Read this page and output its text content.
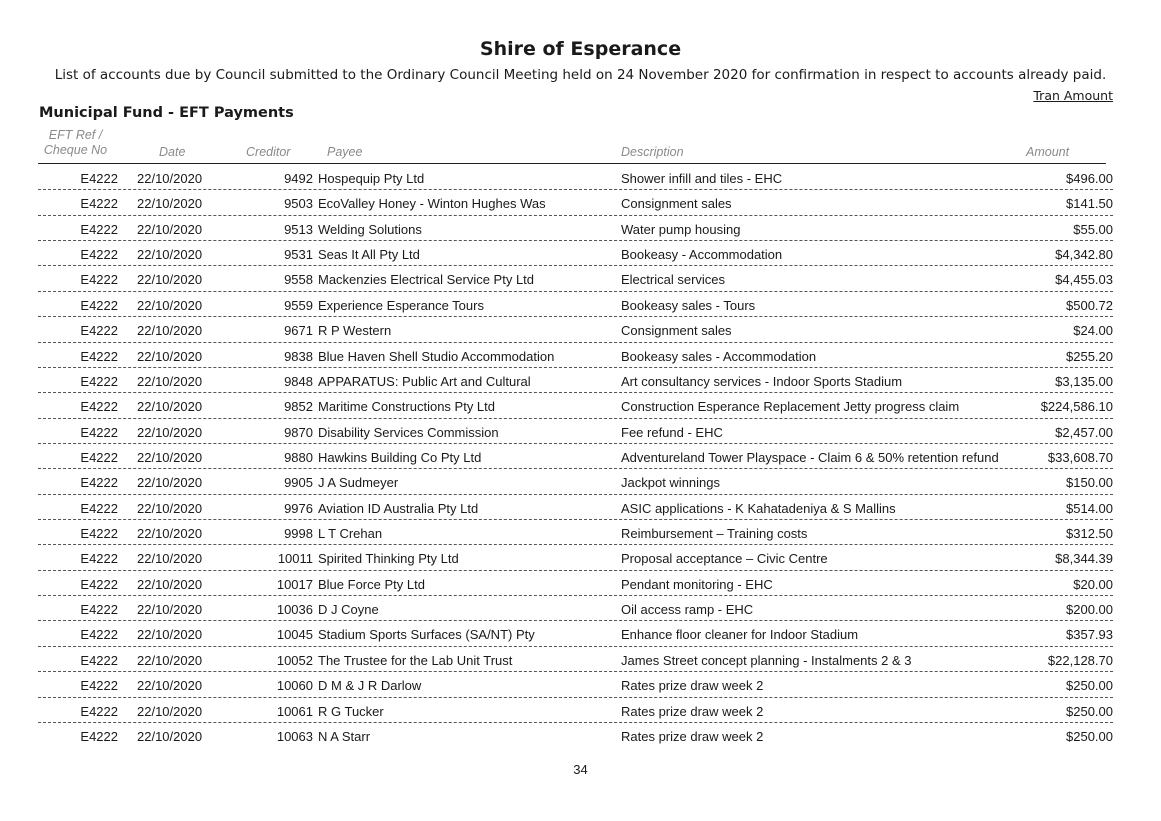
Shire of Esperance
List of accounts due by Council submitted to the Ordinary Council Meeting held on 24 November 2020 for confirmation in respect to accounts already paid.
Tran Amount
Municipal Fund - EFT Payments
EFT Ref /
Cheque No	Date	Creditor	Payee	Description	Amount
E4222 22/10/2020	9492 Hospequip Pty Ltd	Shower infill and tiles - EHC	$496.00
E4222 22/10/2020	9503 EcoValley Honey - Winton Hughes Was	Consignment sales	$141.50
E4222 22/10/2020	9513 Welding Solutions	Water pump housing	$55.00
E4222 22/10/2020	9531 Seas It All Pty Ltd	Bookeasy - Accommodation	$4,342.80
E4222 22/10/2020	9558 Mackenzies Electrical Service Pty Ltd	Electrical services	$4,455.03
E4222 22/10/2020	9559 Experience Esperance Tours	Bookeasy sales - Tours	$500.72
E4222 22/10/2020	9671 R P Western	Consignment sales	$24.00
E4222 22/10/2020	9838 Blue Haven Shell Studio Accommodation	Bookeasy sales - Accommodation	$255.20
E4222 22/10/2020	9848 APPARATUS: Public Art and Cultural	Art consultancy services - Indoor Sports Stadium	$3,135.00
E4222 22/10/2020	9852 Maritime Constructions Pty Ltd	Construction Esperance Replacement Jetty progress claim	$224,586.10
E4222 22/10/2020	9870 Disability Services Commission	Fee refund - EHC	$2,457.00
E4222 22/10/2020	9880 Hawkins Building Co Pty Ltd	Adventureland Tower Playspace - Claim 6 & 50% retention refund	$33,608.70
E4222 22/10/2020	9905 J A Sudmeyer	Jackpot winnings	$150.00
E4222 22/10/2020	9976 Aviation ID Australia Pty Ltd	ASIC applications - K Kahatadeniya & S Mallins	$514.00
E4222 22/10/2020	9998 L T Crehan	Reimbursement – Training costs	$312.50
E4222 22/10/2020	10011 Spirited Thinking Pty Ltd	Proposal acceptance – Civic Centre	$8,344.39
E4222 22/10/2020	10017 Blue Force Pty Ltd	Pendant monitoring - EHC	$20.00
E4222 22/10/2020	10036 D J Coyne	Oil access ramp - EHC	$200.00
E4222 22/10/2020	10045 Stadium Sports Surfaces (SA/NT) Pty	Enhance floor cleaner for Indoor Stadium	$357.93
E4222 22/10/2020	10052 The Trustee for the Lab Unit Trust	James Street concept planning - Instalments 2 & 3	$22,128.70
E4222 22/10/2020	10060 D M & J R Darlow	Rates prize draw week 2	$250.00
E4222 22/10/2020	10061 R G Tucker	Rates prize draw week 2	$250.00
E4222 22/10/2020	10063 N A Starr	Rates prize draw week 2	$250.00
34
